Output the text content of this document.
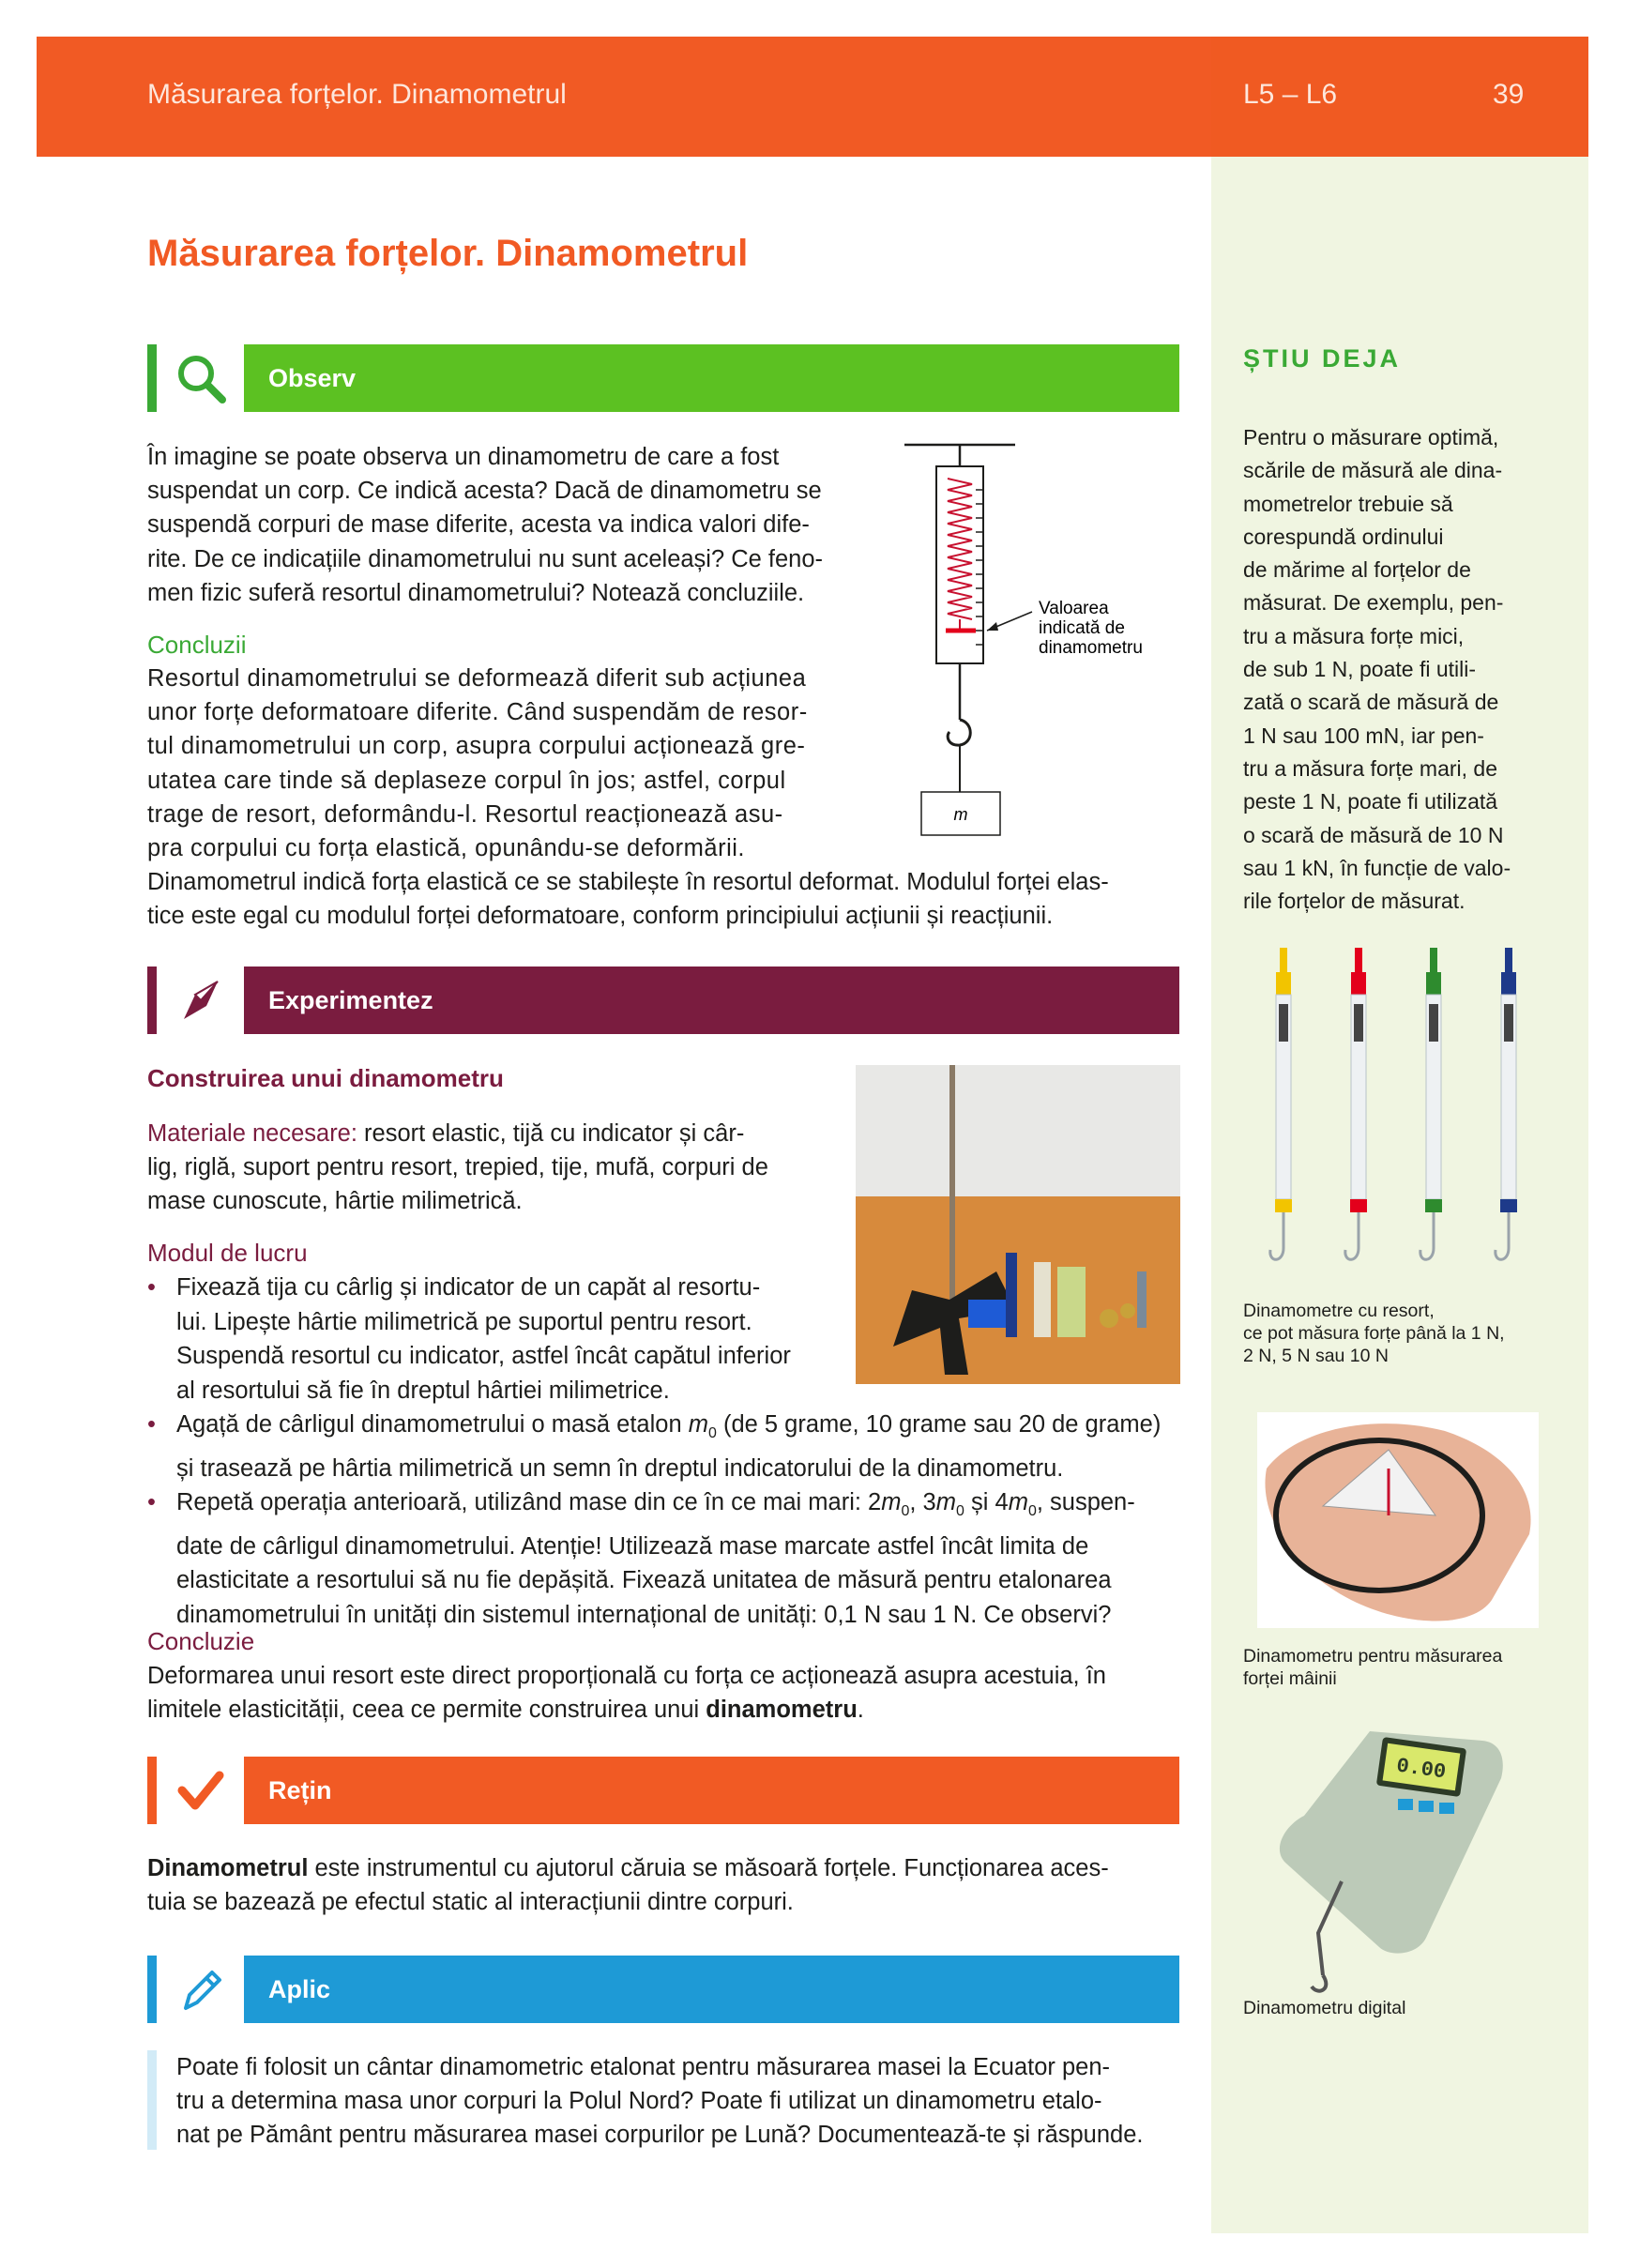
Măsurarea forțelor. Dinamometrul	L5 – L6	39
Măsurarea forțelor. Dinamometrul
Observ

În imagine se poate observa un dinamometru de care a fost

suspendat un corp. Ce indică acesta? Dacă de dinamometru se

suspendă corpuri de mase diferite, acesta va indica valori dife-

rite. De ce indicațiile dinamometrului nu sunt aceleași? Ce feno-

men fizic suferă resortul dinamometrului? Notează concluziile.

Concluzii

Resortul dinamometrului se deformează diferit sub acțiunea

unor forțe deformatoare diferite. Când suspendăm de resor-

tul dinamometrului un corp, asupra corpului acționează gre-

utatea care tinde să deplaseze corpul în jos; astfel, corpul

trage de resort, deformându-l. Resortul reacționează asu-

pra corpului cu forța elastică, opunându-se deformării.

Dinamometrul indică forța elastică ce se stabilește în resortul deformat. Modulul forței elas-

tice este egal cu modulul forței deformatoare, conform principiului acțiunii și reacțiunii.

m
Valoarea
indicată de
dinamometru
Experimentez
Construirea unui dinamometru

Materiale necesare: resort elastic, tijă cu indicator și câr-

lig, riglă, suport pentru resort, trepied, tije, mufă, corpuri de

mase cunoscute, hârtie milimetrică.

Modul de lucru
• Fixează tija cu cârlig și indicator de un capăt al resortu-
lui. Lipește hârtie milimetrică pe suportul pentru resort.
Suspendă resortul cu indicator, astfel încât capătul inferior
al resortului să fie în dreptul hârtiei milimetrice.
• Agață de cârligul dinamometrului o masă etalon $m_0$ (de 5 grame, 10 grame sau 20 de grame)
și trasează pe hârtia milimetrică un semn în dreptul indicatorului de la dinamometru.
• Repetă operația anterioară, utilizând mase din ce în ce mai mari: $2m_0$, $3m_0$ și $4m_0$, suspen-
date de cârligul dinamometrului. Atenție! Utilizează mase marcate astfel încât limita de
elasticitate a resortului să nu fie depășită. Fixează unitatea de măsură pentru etalonarea
dinamometrului în unități din sistemul internațional de unități: 0,1 N sau 1 N. Ce observi?
Concluzie

Deformarea unui resort este direct proporțională cu forța ce acționează asupra acestuia, în

limitele elasticității, ceea ce permite construirea unui dinamometru.

Rețin

Dinamometrul este instrumentul cu ajutorul căruia se măsoară forțele. Funcționarea aces-

tuia se bazează pe efectul static al interacțiunii dintre corpuri.

Aplic

Poate fi folosit un cântar dinamometric etalonat pentru măsurarea masei la Ecuator pen-

tru a determina masa unor corpuri la Polul Nord? Poate fi utilizat un dinamometru etalo-

nat pe Pământ pentru măsurarea masei corpurilor pe Lună? Documentează-te și răspunde.

ȘTIU DEJA
Pentru o măsurare optimă,
scările de măsură ale dina-
mometrelor trebuie să
corespundă ordinului
de mărime al forțelor de
măsurat. De exemplu, pen-
tru a măsura forțe mici,
de sub 1 N, poate fi utili-
zată o scară de măsură de
1 N sau 100 mN, iar pen-
tru a măsura forțe mari, de
peste 1 N, poate fi utilizată
o scară de măsură de 10 N
sau 1 kN, în funcție de valo-
rile forțelor de măsurat.
Dinamometre cu resort,
ce pot măsura forțe până la 1 N,
2 N, 5 N sau 10 N
Dinamometru pentru măsurarea
forței mâinii
0.00
Dinamometru digital
